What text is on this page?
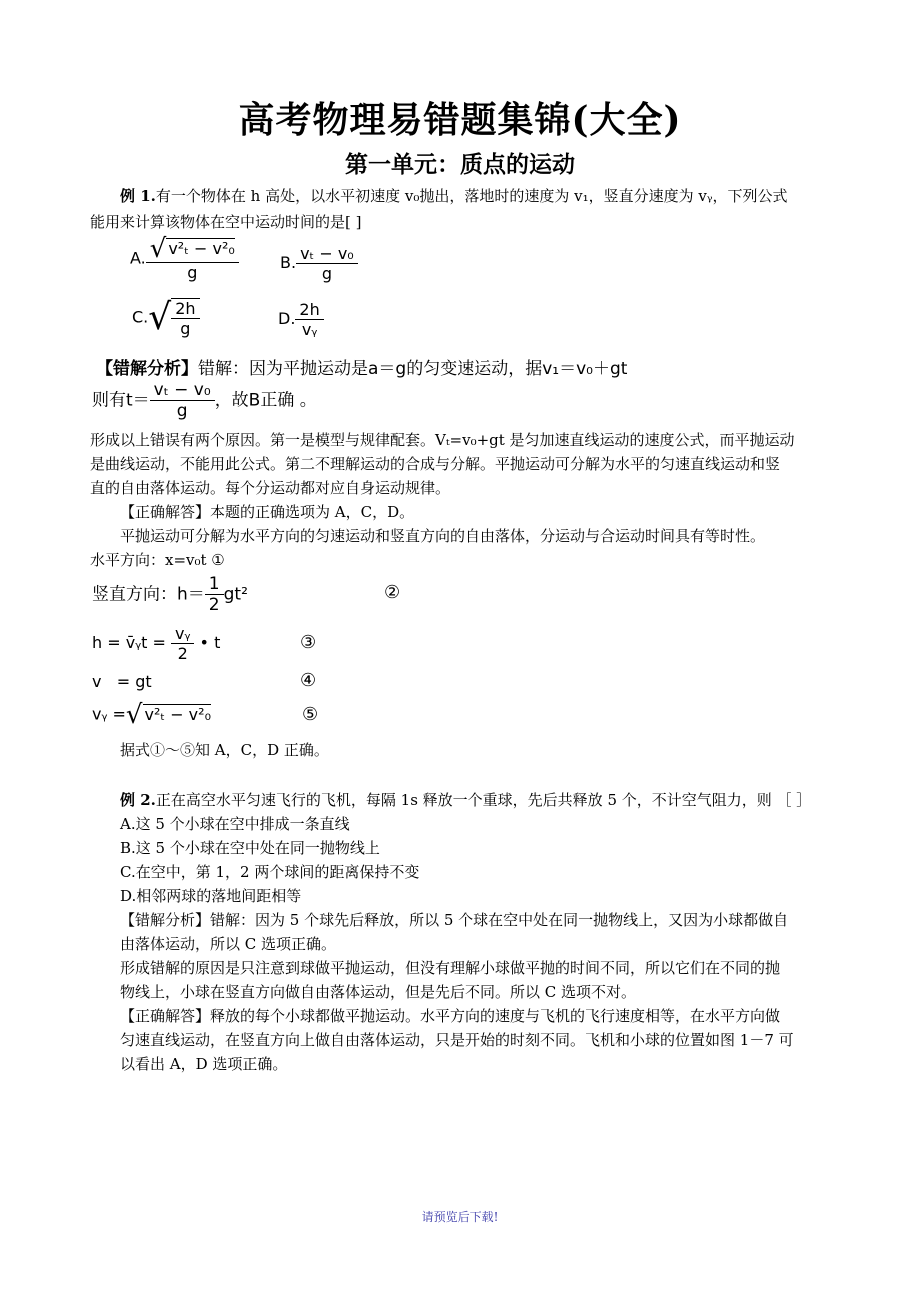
高考物理易错题集锦(大全)
第一单元：质点的运动
例 1.有一个物体在 h 高处，以水平初速度 v₀抛出，落地时的速度为 v₁，竖直分速度为 vᵧ，下列公式
能用来计算该物体在空中运动时间的是[ ]
A. $\frac{\text{√ v²ₜ − v²₀}}{g}$	B. $\frac{\text{vₜ − v₀}}{g}$
$C.√ \frac{2h}{g}$	D. $\frac{2h}{\text{vᵧ}}$
【错解分析】错解：因为平抛运动是a＝g的匀变速运动，据v₁＝v₀＋gt
则有$t= \frac{\text{vₜ − v₀}}{g}$ ，故B正确 。
形成以上错误有两个原因。第一是模型与规律配套。Vₜ=v₀+gt 是匀加速直线运动的速度公式，而平抛运动
是曲线运动，不能用此公式。第二不理解运动的合成与分解。平抛运动可分解为水平的匀速直线运动和竖
直的自由落体运动。每个分运动都对应自身运动规律。
【正确解答】本题的正确选项为 A，C，D。
平抛运动可分解为水平方向的匀速运动和竖直方向的自由落体，分运动与合运动时间具有等时性。
水平方向：x=v₀t ①
竖直方向：$h= \frac{1}{2} gt^2$	②
h = v̄ᵧt = $\frac{\text{vᵧ}}{2}$ • t	③
v   = gt	④
vᵧ =√ v²ₜ − v²₀	⑤
据式①～⑤知 A，C，D 正确。
例 2.正在高空水平匀速飞行的飞机，每隔 1s 释放一个重球，先后共释放 5 个，不计空气阻力，则 ［ ］
A.这 5 个小球在空中排成一条直线
B.这 5 个小球在空中处在同一抛物线上
C.在空中，第 1，2 两个球间的距离保持不变
D.相邻两球的落地间距相等
【错解分析】错解：因为 5 个球先后释放，所以 5 个球在空中处在同一抛物线上，又因为小球都做自
由落体运动，所以 C 选项正确。
形成错解的原因是只注意到球做平抛运动，但没有理解小球做平抛的时间不同，所以它们在不同的抛
物线上，小球在竖直方向做自由落体运动，但是先后不同。所以 C 选项不对。
【正确解答】释放的每个小球都做平抛运动。水平方向的速度与飞机的飞行速度相等，在水平方向做
匀速直线运动，在竖直方向上做自由落体运动，只是开始的时刻不同。飞机和小球的位置如图 1－7 可
以看出 A，D 选项正确。
请预览后下载!
